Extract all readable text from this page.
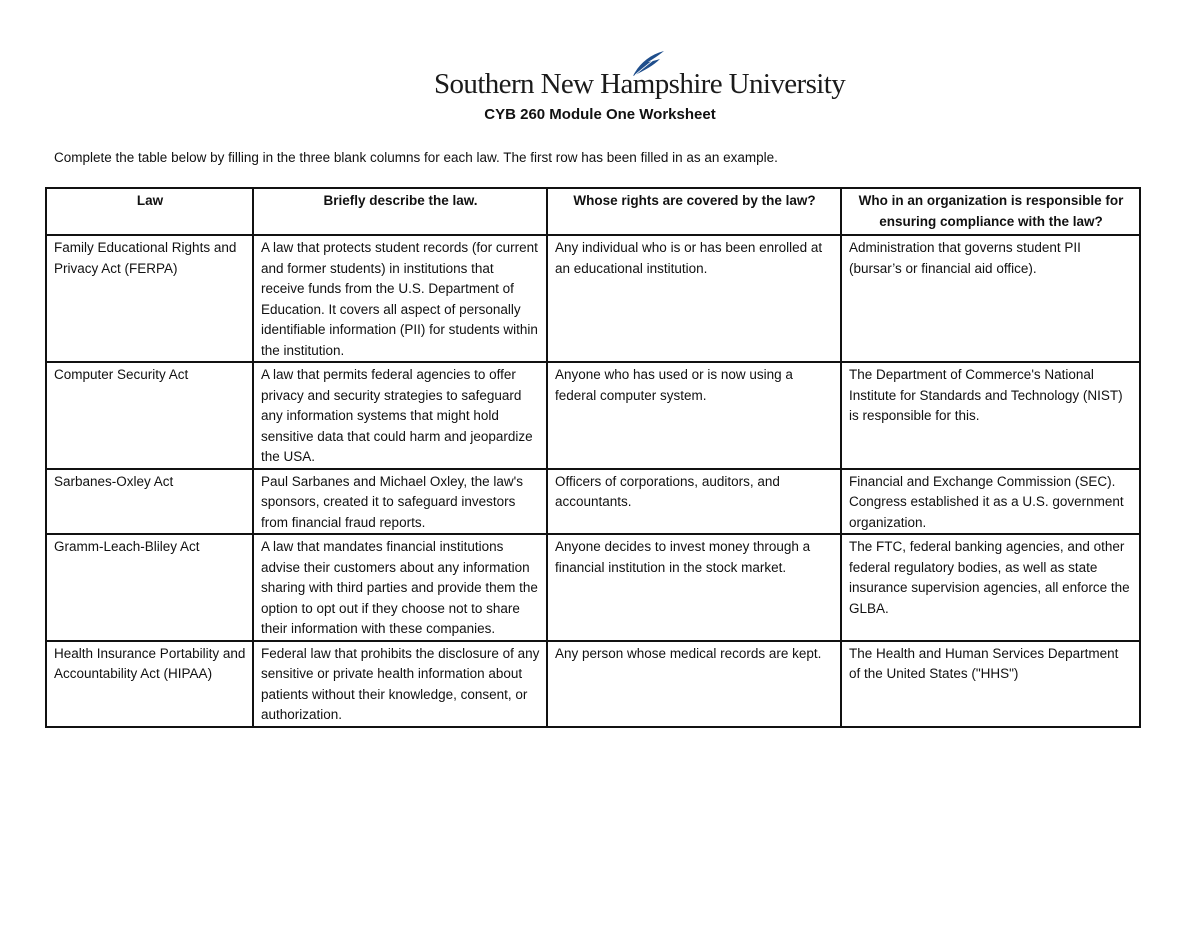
Southern New Hampshire University
CYB 260 Module One Worksheet
Complete the table below by filling in the three blank columns for each law. The first row has been filled in as an example.
Law	Briefly describe the law.	Whose rights are covered by the law?	Who in an organization is responsible for ensuring compliance with the law?
Family Educational Rights and Privacy Act (FERPA)	A law that protects student records (for current and former students) in institutions that receive funds from the U.S. Department of Education. It covers all aspect of personally identifiable information (PII) for students within the institution.	Any individual who is or has been enrolled at an educational institution.	Administration that governs student PII (bursar’s or financial aid office).
Computer Security Act	A law that permits federal agencies to offer privacy and security strategies to safeguard any information systems that might hold sensitive data that could harm and jeopardize the USA.	Anyone who has used or is now using a federal computer system.	The Department of Commerce's National Institute for Standards and Technology (NIST) is responsible for this.
Sarbanes-Oxley Act	Paul Sarbanes and Michael Oxley, the law's sponsors, created it to safeguard investors from financial fraud reports.	Officers of corporations, auditors, and accountants.	Financial and Exchange Commission (SEC). Congress established it as a U.S. government organization.
Gramm-Leach-Bliley Act	A law that mandates financial institutions advise their customers about any information sharing with third parties and provide them the option to opt out if they choose not to share their information with these companies.	Anyone decides to invest money through a financial institution in the stock market.	The FTC, federal banking agencies, and other federal regulatory bodies, as well as state insurance supervision agencies, all enforce the GLBA.
Health Insurance Portability and Accountability Act (HIPAA)	Federal law that prohibits the disclosure of any sensitive or private health information about patients without their knowledge, consent, or authorization.	Any person whose medical records are kept.	The Health and Human Services Department of the United States ("HHS")
